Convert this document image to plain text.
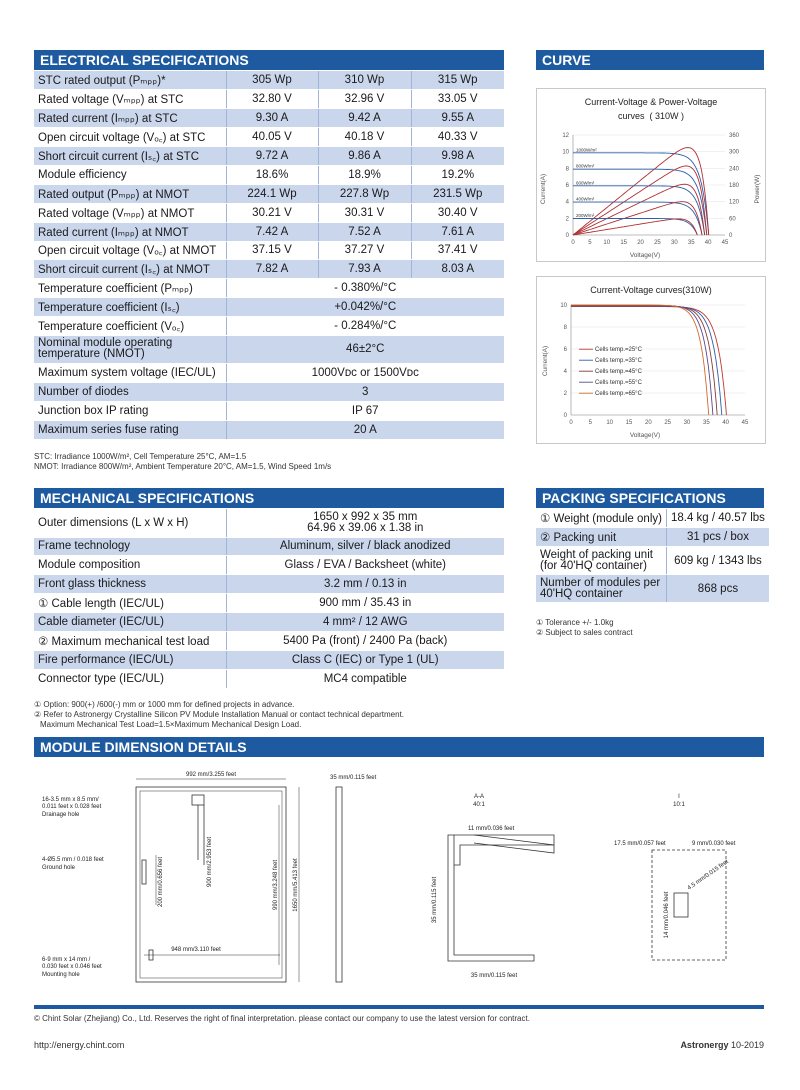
ELECTRICAL SPECIFICATIONS
STC rated output (Pₘₚₚ)*	305 Wp	310 Wp	315 Wp
Rated voltage (Vₘₚₚ) at STC	32.80 V	32.96 V	33.05 V
Rated current (Iₘₚₚ) at STC	9.30 A	9.42 A	9.55 A
Open circuit voltage (Vₒ꜀) at STC	40.05 V	40.18 V	40.33 V
Short circuit current (Iₛ꜀) at STC	9.72 A	9.86 A	9.98 A
Module efficiency	18.6%	18.9%	19.2%
Rated output (Pₘₚₚ) at NMOT	224.1 Wp	227.8 Wp	231.5 Wp
Rated voltage (Vₘₚₚ) at NMOT	30.21 V	30.31 V	30.40 V
Rated current (Iₘₚₚ) at NMOT	7.42 A	7.52 A	7.61 A
Open circuit voltage (Vₒ꜀) at NMOT	37.15 V	37.27 V	37.41 V
Short circuit current (Iₛ꜀) at NMOT	7.82 A	7.93 A	8.03 A
Temperature coefficient (Pₘₚₚ)	- 0.380%/°C		
Temperature coefficient (Iₛ꜀)	+0.042%/°C		
Temperature coefficient (Vₒ꜀)	- 0.284%/°C		
Nominal module operating temperature (NMOT)	46±2°C		
Maximum system voltage (IEC/UL)	1000Vᴅᴄ or 1500Vᴅᴄ		
Number of diodes	3		
Junction box IP rating	IP 67		
Maximum series fuse rating	20 A		
STC: Irradiance 1000W/m², Cell Temperature 25°C, AM=1.5
NMOT: Irradiance 800W/m², Ambient Temperature 20°C, AM=1.5, Wind Speed 1m/s
CURVE
Current-Voltage & Power-Voltage
curves  ( 310W )
Current(A)	Power(W)
Voltage(V)
0
2
4
6
8
10
12
0 5 10 15 20 25 30 35 40 45
0
60
120
180
240
300
360
1000W/m²
800W/m²
600W/m²
400W/m²
200W/m²
Current-Voltage curves(310W)
Current(A)
Voltage(V)
0
2
4
6
8
10
0	5 10 15 20 25 30 35 40 45
Cells temp.=25°C
Cells temp.=35°C
Cells temp.=45°C
Cells temp.=55°C
Cells temp.=65°C
MECHANICAL SPECIFICATIONS
Outer dimensions (L x W x H)	1650 x 992 x 35 mm
64.96 x 39.06 x 1.38 in

Frame technology	Aluminum, silver / black anodized
Module composition	Glass / EVA / Backsheet (white)
Front glass thickness	3.2 mm / 0.13 in
① Cable length (IEC/UL)	900 mm / 35.43 in
Cable diameter (IEC/UL)	4 mm² / 12 AWG
② Maximum mechanical test load	5400 Pa (front) / 2400 Pa (back)
Fire performance (IEC/UL)	Class C (IEC) or Type 1 (UL)
Connector type (IEC/UL)	MC4 compatible
① Option: 900(+) /600(-) mm or 1000 mm for defined projects in advance.
② Refer to Astronergy Crystalline Silicon PV Module Installation Manual or contact technical department.
Maximum Mechanical Test Load=1.5×Maximum Mechanical Design Load.
PACKING SPECIFICATIONS
① Weight (module only)	18.4 kg / 40.57 lbs
② Packing unit	31 pcs / box
Weight of packing unit (for 40'HQ container)	609 kg / 1343 lbs
Number of modules per 40'HQ container	868 pcs
① Tolerance +/- 1.0kg
② Subject to sales contract
MODULE DIMENSION DETAILS
992 mm/3.255 feet
16-3.5 mm x 8.5 mm/
0.011 feet x 0.028 feet
Drainage hole
4-Ø5.5 mm / 0.018 feet
Ground hole	900 mm/2.953 feet
200 mm/0.656 feet	990 mm/3.248 feet 1650 mm/5.413 feet
948 mm/3.110 feet
6-9 mm x 14 mm /
0.030 feet x 0.046 feet
Mounting hole
35 mm/0.115 feet
A-A
40:1
11 mm/0.036 feet
35 mm/0.115 feet
35 mm/0.115 feet
I
10:1
17.5 mm/0.057 feet	9 mm/0.030 feet
4.5 mm/0.015 feet
14 mm/0.046 feet
© Chint Solar (Zhejiang) Co., Ltd. Reserves the right of final interpretation. please contact our company to use the latest version for contract.
http://energy.chint.com	Astronergy 10-2019
